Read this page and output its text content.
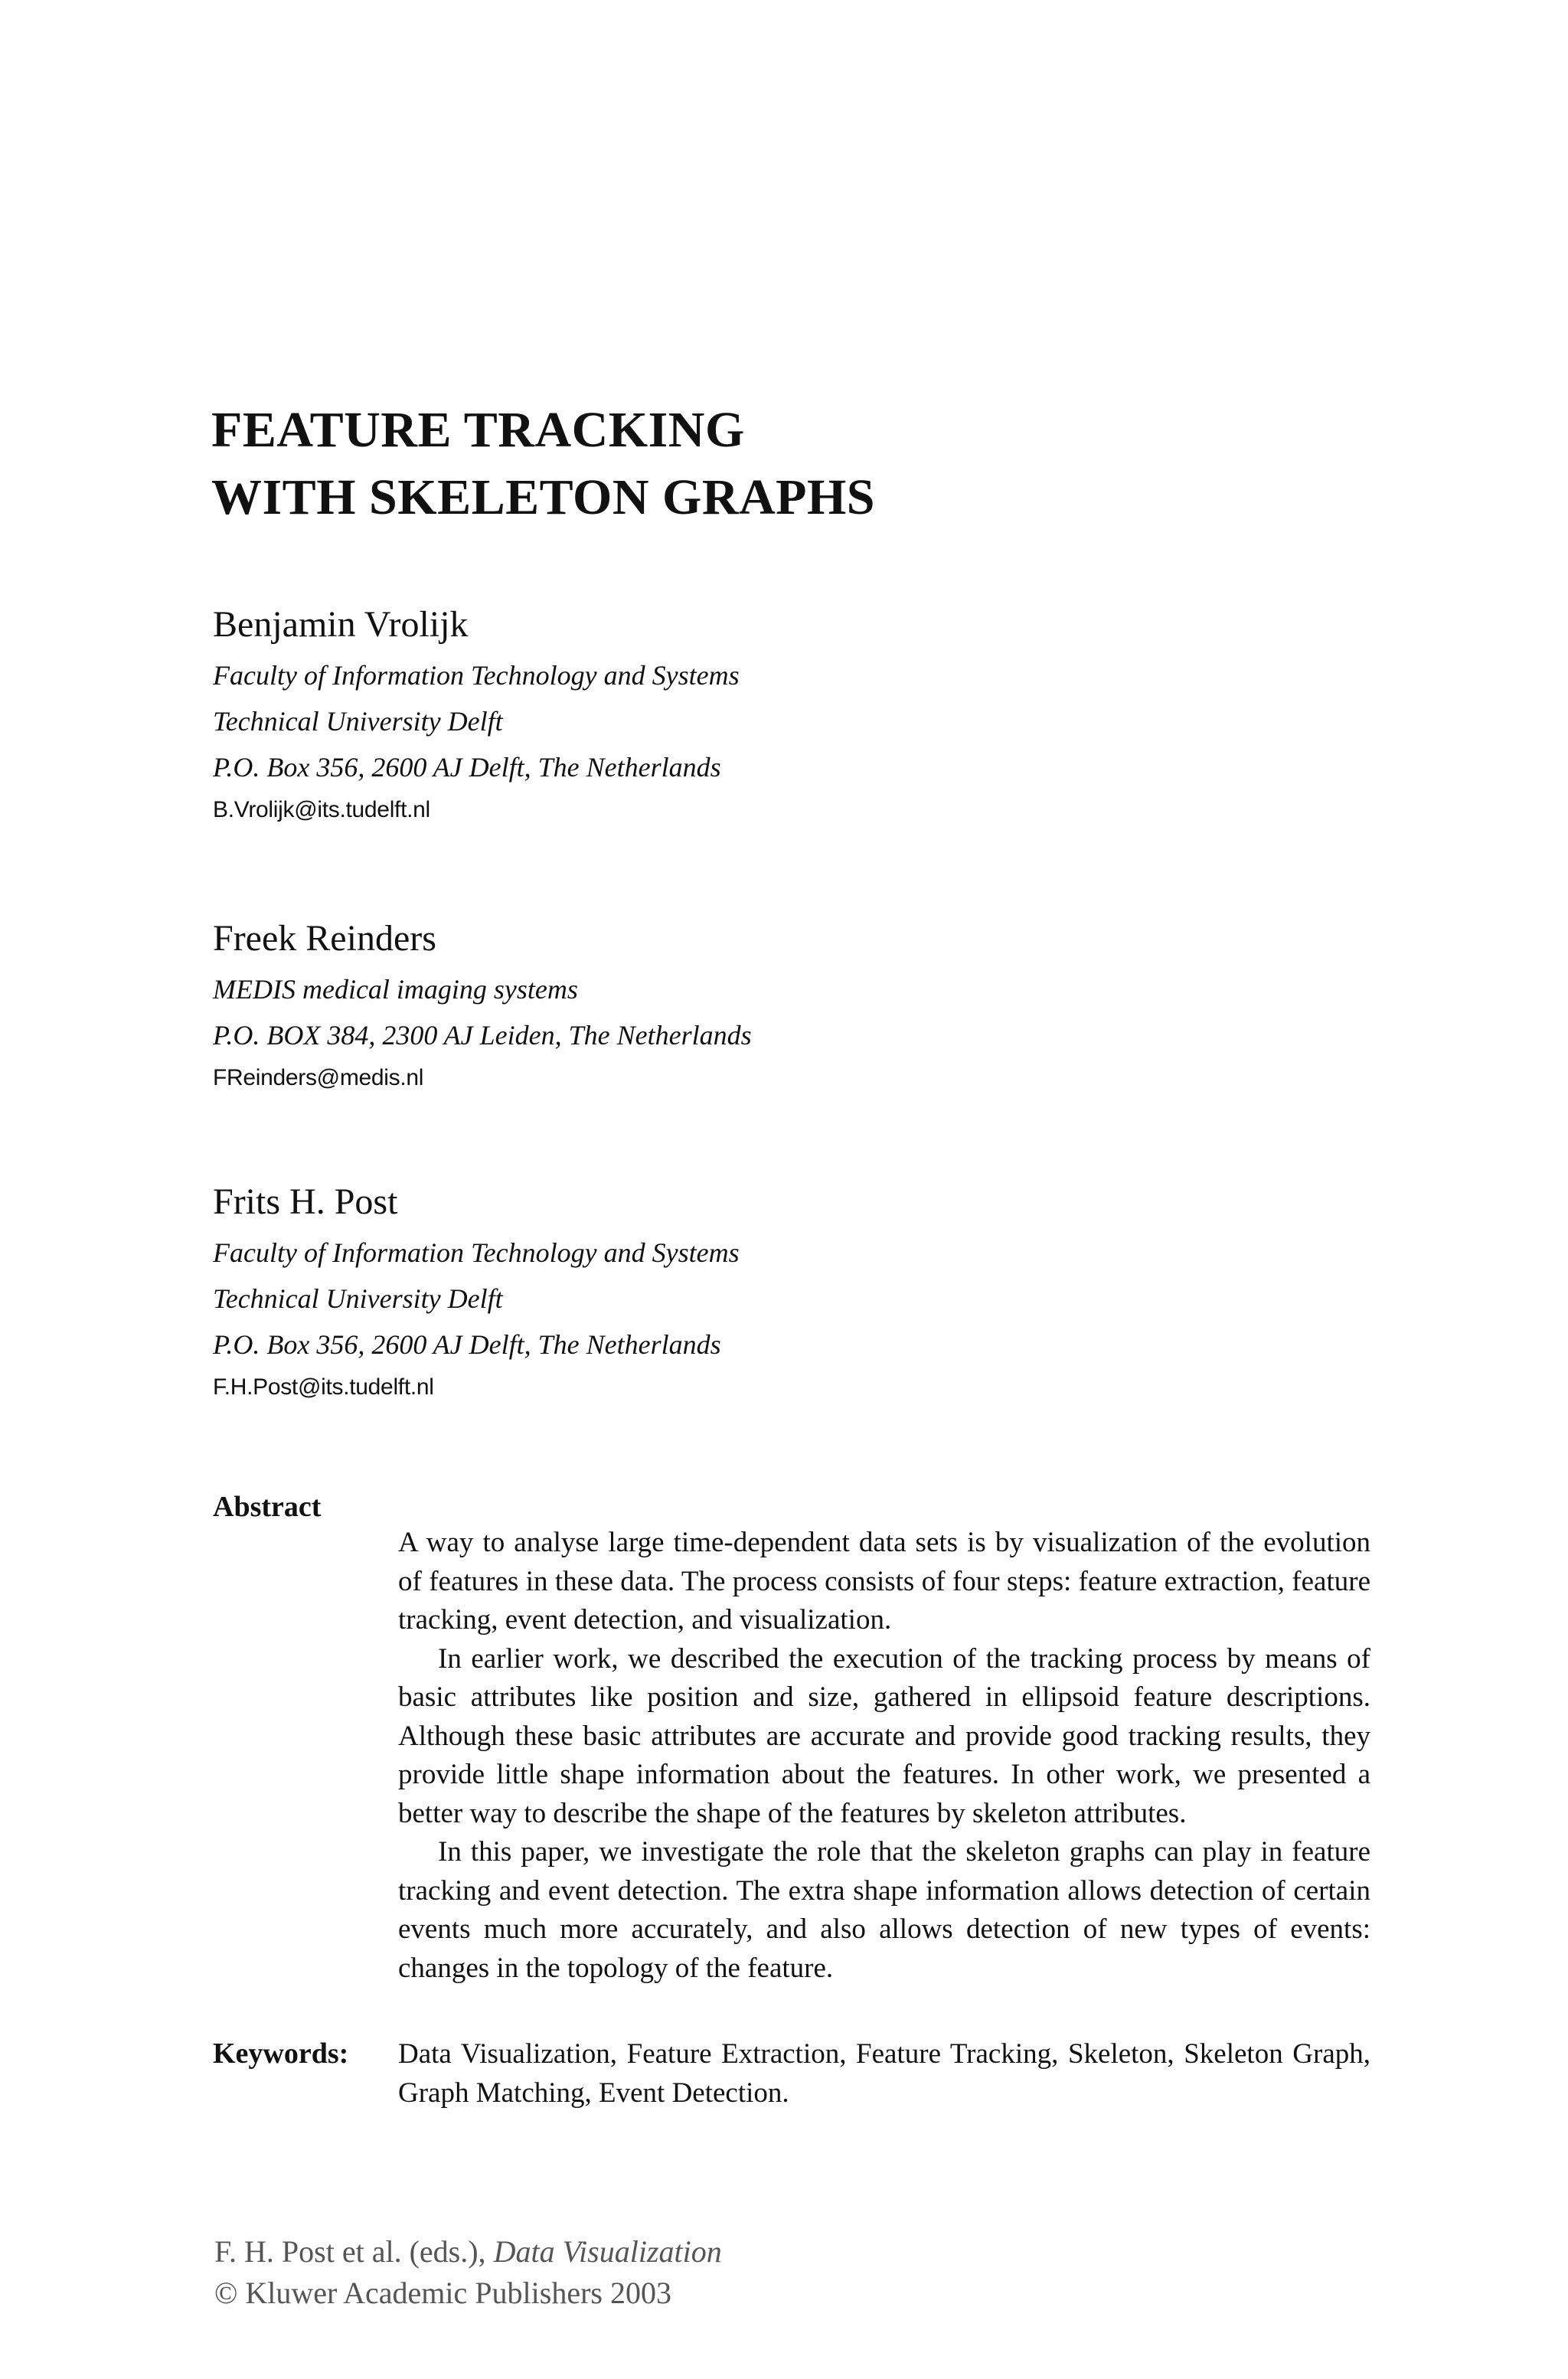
FEATURE TRACKING
WITH SKELETON GRAPHS
Benjamin Vrolijk
Faculty of Information Technology and Systems
Technical University Delft
P.O. Box 356, 2600 AJ Delft, The Netherlands
B.Vrolijk@its.tudelft.nl
Freek Reinders
MEDIS medical imaging systems
P.O. BOX 384, 2300 AJ Leiden, The Netherlands
FReinders@medis.nl
Frits H. Post
Faculty of Information Technology and Systems
Technical University Delft
P.O. Box 356, 2600 AJ Delft, The Netherlands
F.H.Post@its.tudelft.nl
Abstract

A way to analyse large time-dependent data sets is by visualization of the evolution of features in these data. The process consists of four steps: feature extraction, feature tracking, event detection, and visualization.

In earlier work, we described the execution of the tracking process by means of basic attributes like position and size, gathered in ellipsoid feature descriptions. Although these basic attributes are accurate and provide good tracking results, they provide little shape information about the features. In other work, we presented a better way to describe the shape of the features by skeleton attributes.

In this paper, we investigate the role that the skeleton graphs can play in feature tracking and event detection. The extra shape information allows detection of certain events much more accurately, and also allows detection of new types of events: changes in the topology of the feature.

Keywords: Data Visualization, Feature Extraction, Feature Tracking, Skeleton, Skeleton Graph, Graph Matching, Event Detection.
F. H. Post et al. (eds.), Data Visualization
© Kluwer Academic Publishers 2003
